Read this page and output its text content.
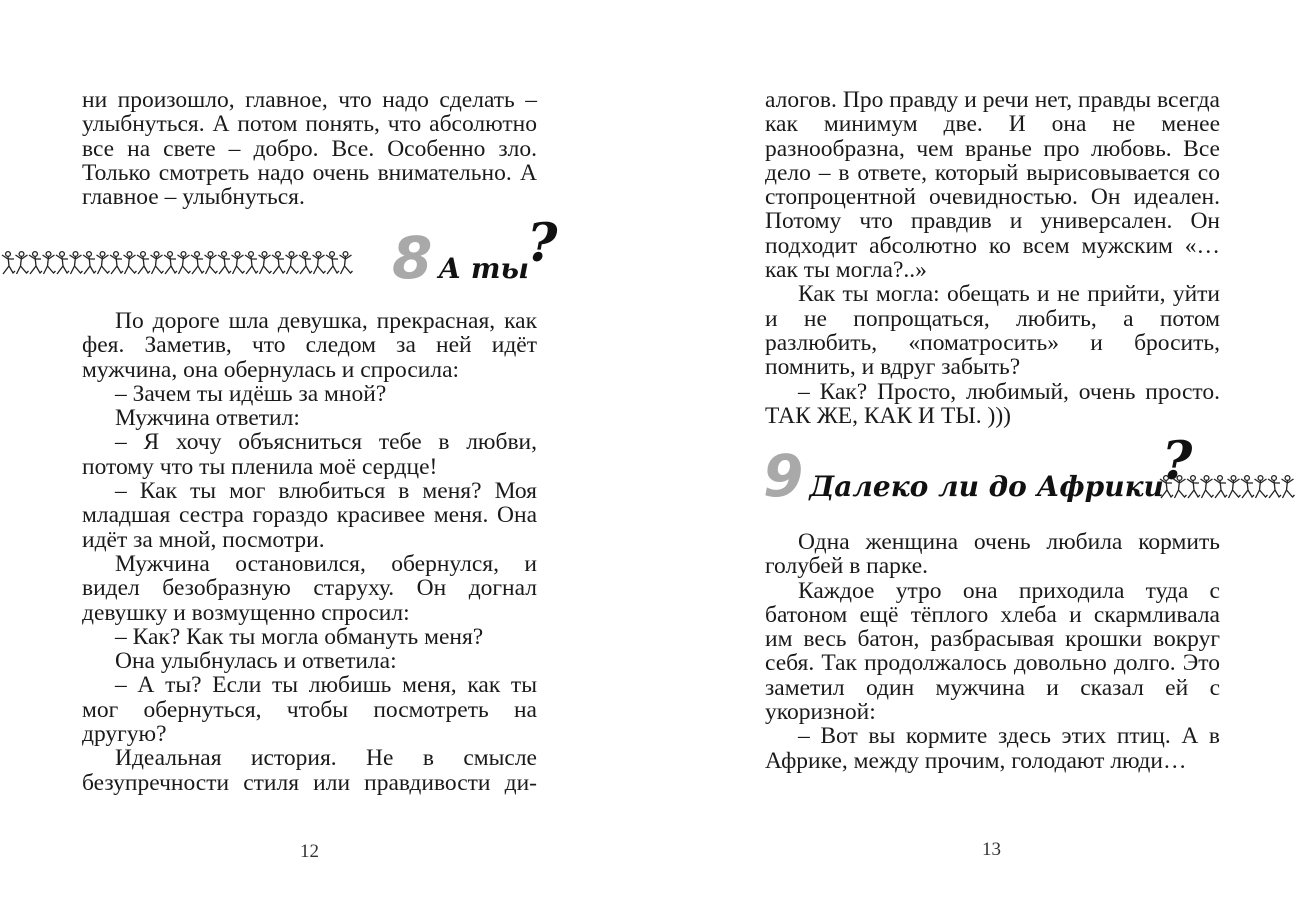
ни произошло, главное, что надо сделать – улыбнуться. А потом понять, что абсолютно все на свете – добро. Все. Особенно зло. Только смотреть надо очень внимательно. А главное – улыбнуться.

8 А ты
?

По дороге шла девушка, прекрасная, как фея. Заметив, что следом за ней идёт мужчина, она обернулась и спросила:

– Зачем ты идёшь за мной?

Мужчина ответил:

– Я хочу объясниться тебе в любви, потому что ты пленила моё сердце!

– Как ты мог влюбиться в меня? Моя младшая сестра гораздо красивее меня. Она идёт за мной, посмотри.

Мужчина остановился, обернулся, и видел безобразную старуху. Он догнал девушку и возмущенно спросил:

– Как? Как ты могла обмануть меня?

Она улыбнулась и ответила:

– А ты? Если ты любишь меня, как ты мог обернуться, чтобы посмотреть на другую?

Идеальная история. Не в смысле безупречности стиля или правдивости ди-

12

алогов. Про правду и речи нет, правды всегда как минимум две. И она не менее разнообразна, чем вранье про любовь. Все дело – в ответе, который вырисовывается со стопроцентной очевидностью. Он идеален. Потому что правдив и универсален. Он подходит абсолютно ко всем мужским «…как ты могла?..»

Как ты могла: обещать и не прийти, уйти и не попрощаться, любить, а потом разлюбить, «поматросить» и бросить, помнить, и вдруг забыть?

– Как? Просто, любимый, очень просто. ТАК ЖЕ, КАК И ТЫ. )))

9 Далеко ли до Африки
?

Одна женщина очень любила кормить голубей в парке.

Каждое утро она приходила туда с батоном ещё тёплого хлеба и скармливала им весь батон, разбрасывая крошки вокруг себя. Так продолжалось довольно долго. Это заметил один мужчина и сказал ей с укоризной:

– Вот вы кормите здесь этих птиц. А в Африке, между прочим, голодают люди…

13
